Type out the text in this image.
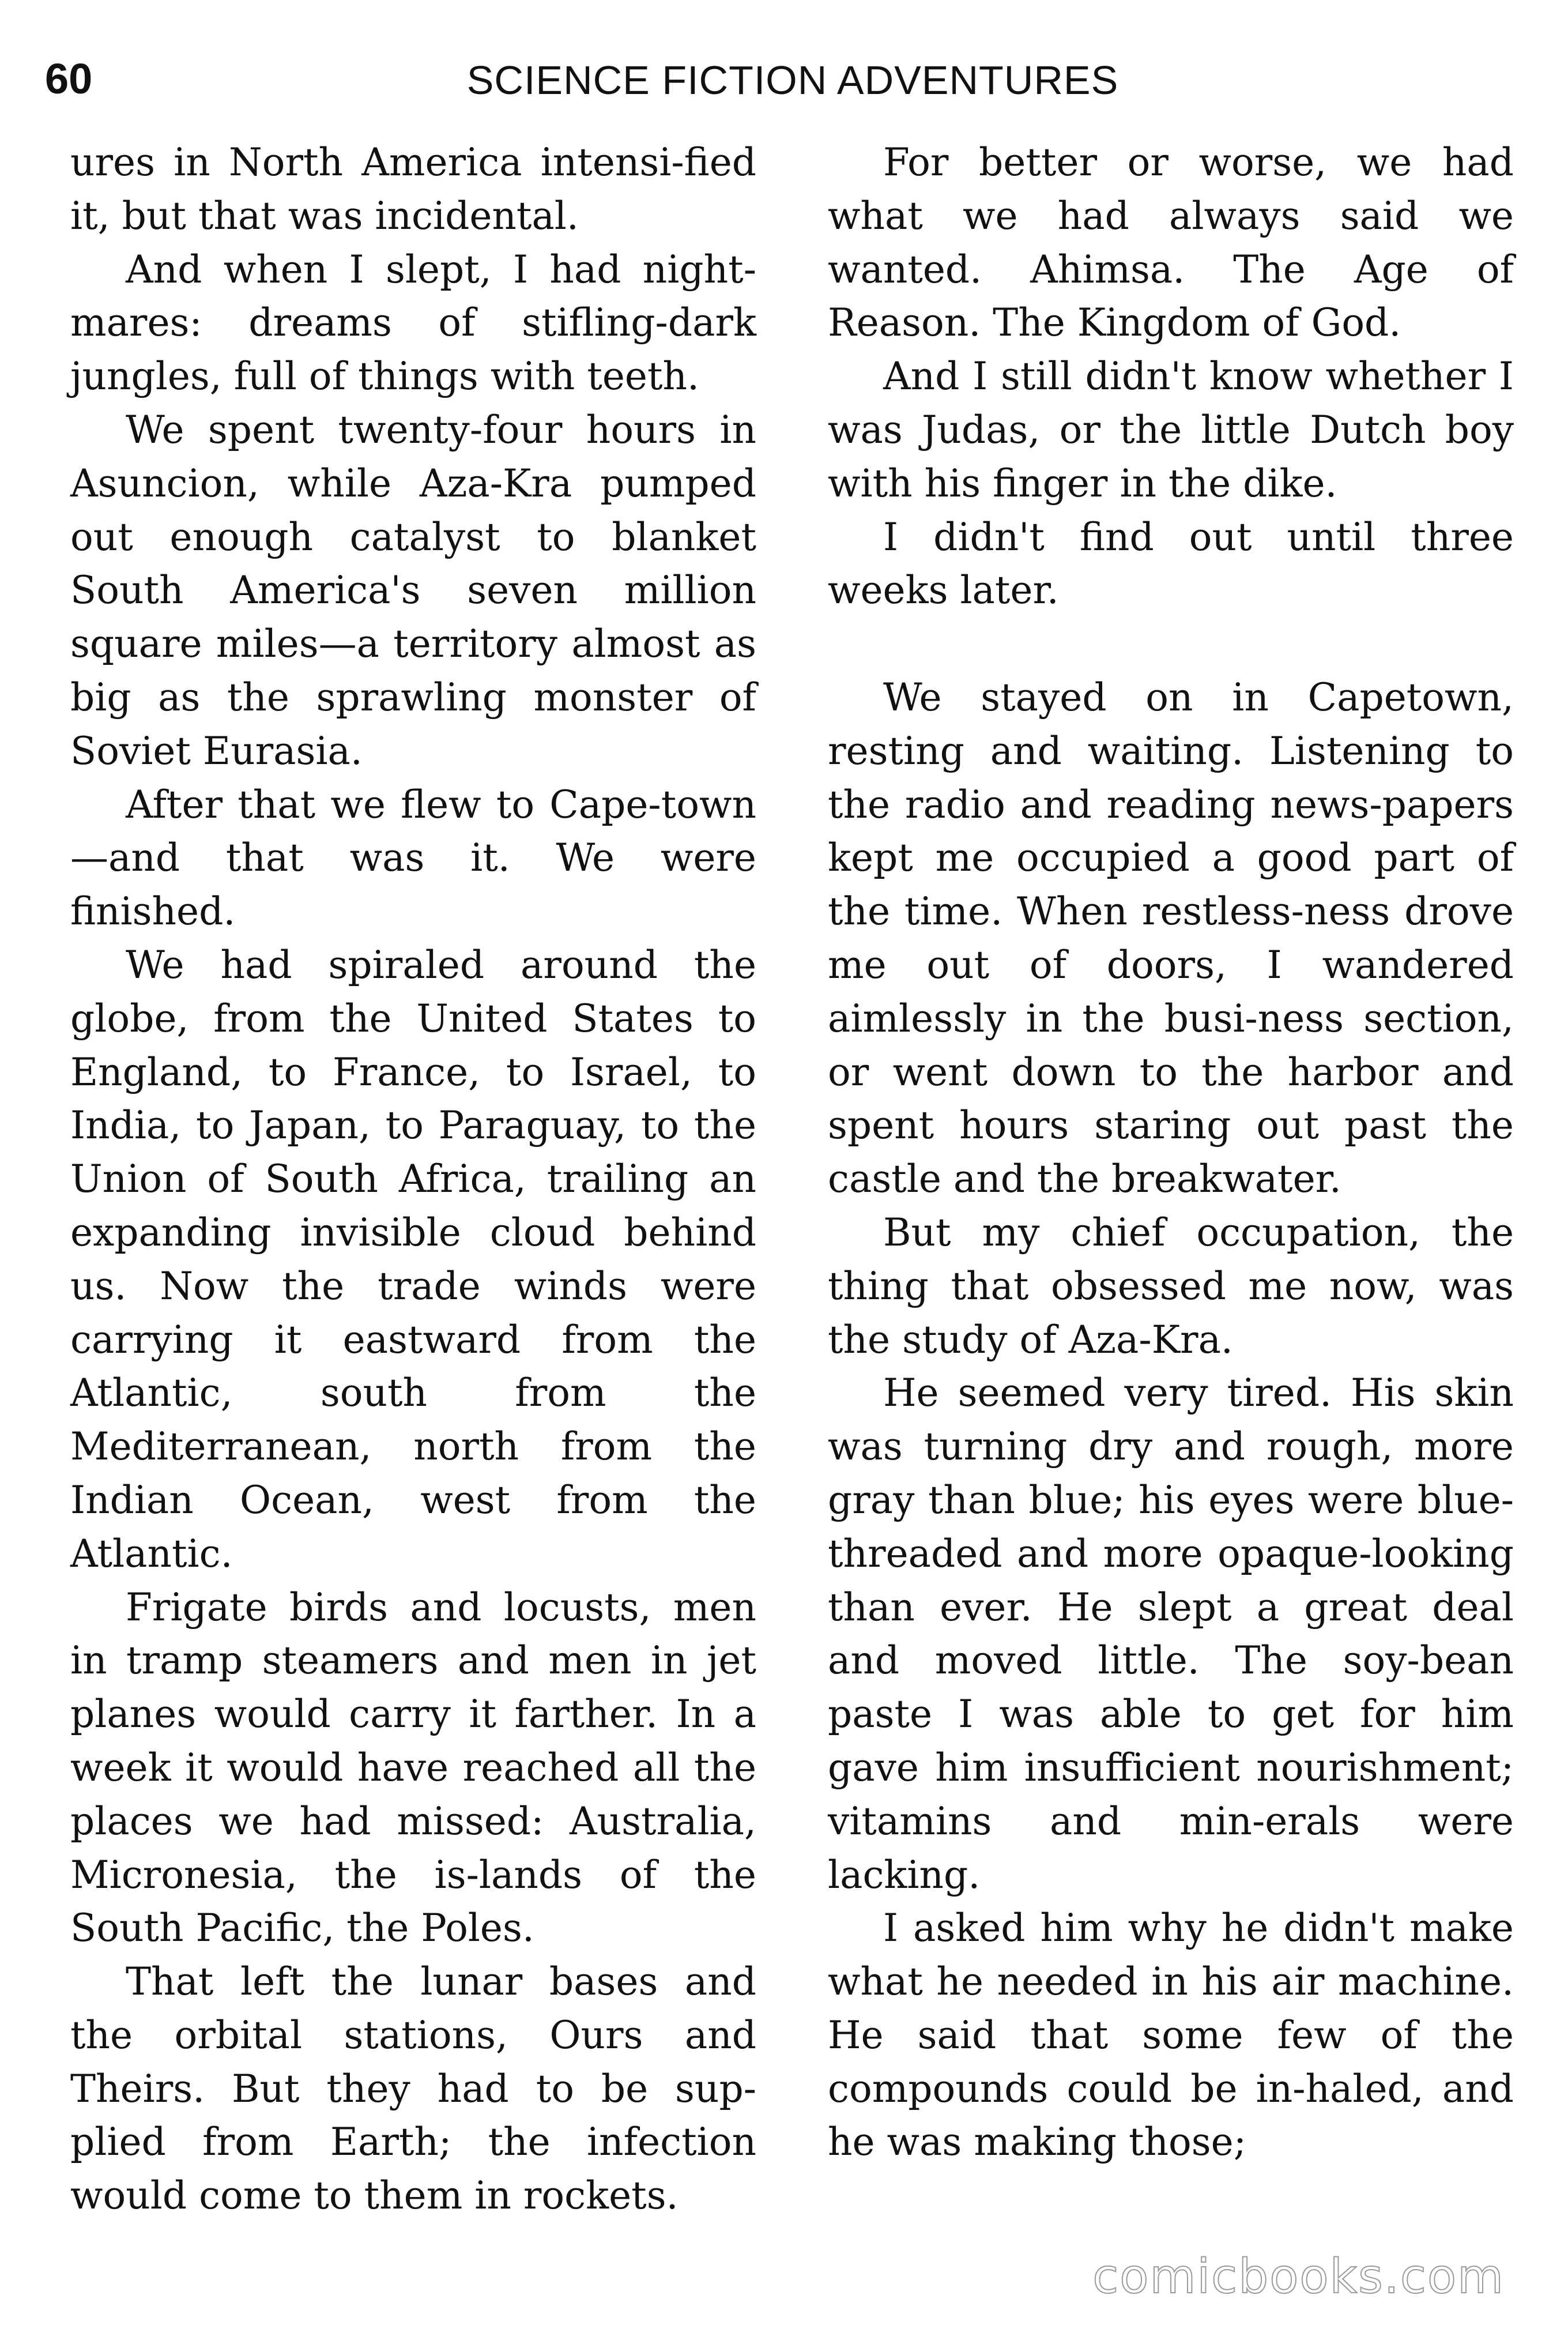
60	SCIENCE FICTION ADVENTURES

ures in North America intensi-fied it, but that was incidental.

And when I slept, I had night-mares: dreams of stifling-dark jungles, full of things with teeth.

We spent twenty-four hours in Asuncion, while Aza-Kra pumped out enough catalyst to blanket South America's seven million square miles—a territory almost as big as the sprawling monster of Soviet Eurasia.

After that we flew to Cape-town—and that was it. We were finished.

We had spiraled around the globe, from the United States to England, to France, to Israel, to India, to Japan, to Paraguay, to the Union of South Africa, trailing an expanding invisible cloud behind us. Now the trade winds were carrying it eastward from the Atlantic, south from the Mediterranean, north from the Indian Ocean, west from the Atlantic.

Frigate birds and locusts, men in tramp steamers and men in jet planes would carry it farther. In a week it would have reached all the places we had missed: Australia, Micronesia, the is-lands of the South Pacific, the Poles.

That left the lunar bases and the orbital stations, Ours and Theirs. But they had to be sup-plied from Earth; the infection would come to them in rockets.

For better or worse, we had what we had always said we wanted. Ahimsa. The Age of Reason. The Kingdom of God.

And I still didn't know whether I was Judas, or the little Dutch boy with his finger in the dike.

I didn't find out until three weeks later.

We stayed on in Capetown, resting and waiting. Listening to the radio and reading news-papers kept me occupied a good part of the time. When restless-ness drove me out of doors, I wandered aimlessly in the busi-ness section, or went down to the harbor and spent hours staring out past the castle and the breakwater.

But my chief occupation, the thing that obsessed me now, was the study of Aza-Kra.

He seemed very tired. His skin was turning dry and rough, more gray than blue; his eyes were blue-threaded and more opaque-looking than ever. He slept a great deal and moved little. The soy-bean paste I was able to get for him gave him insufficient nourishment; vitamins and min-erals were lacking.

I asked him why he didn't make what he needed in his air machine. He said that some few of the compounds could be in-haled, and he was making those;

comicbooks.com
